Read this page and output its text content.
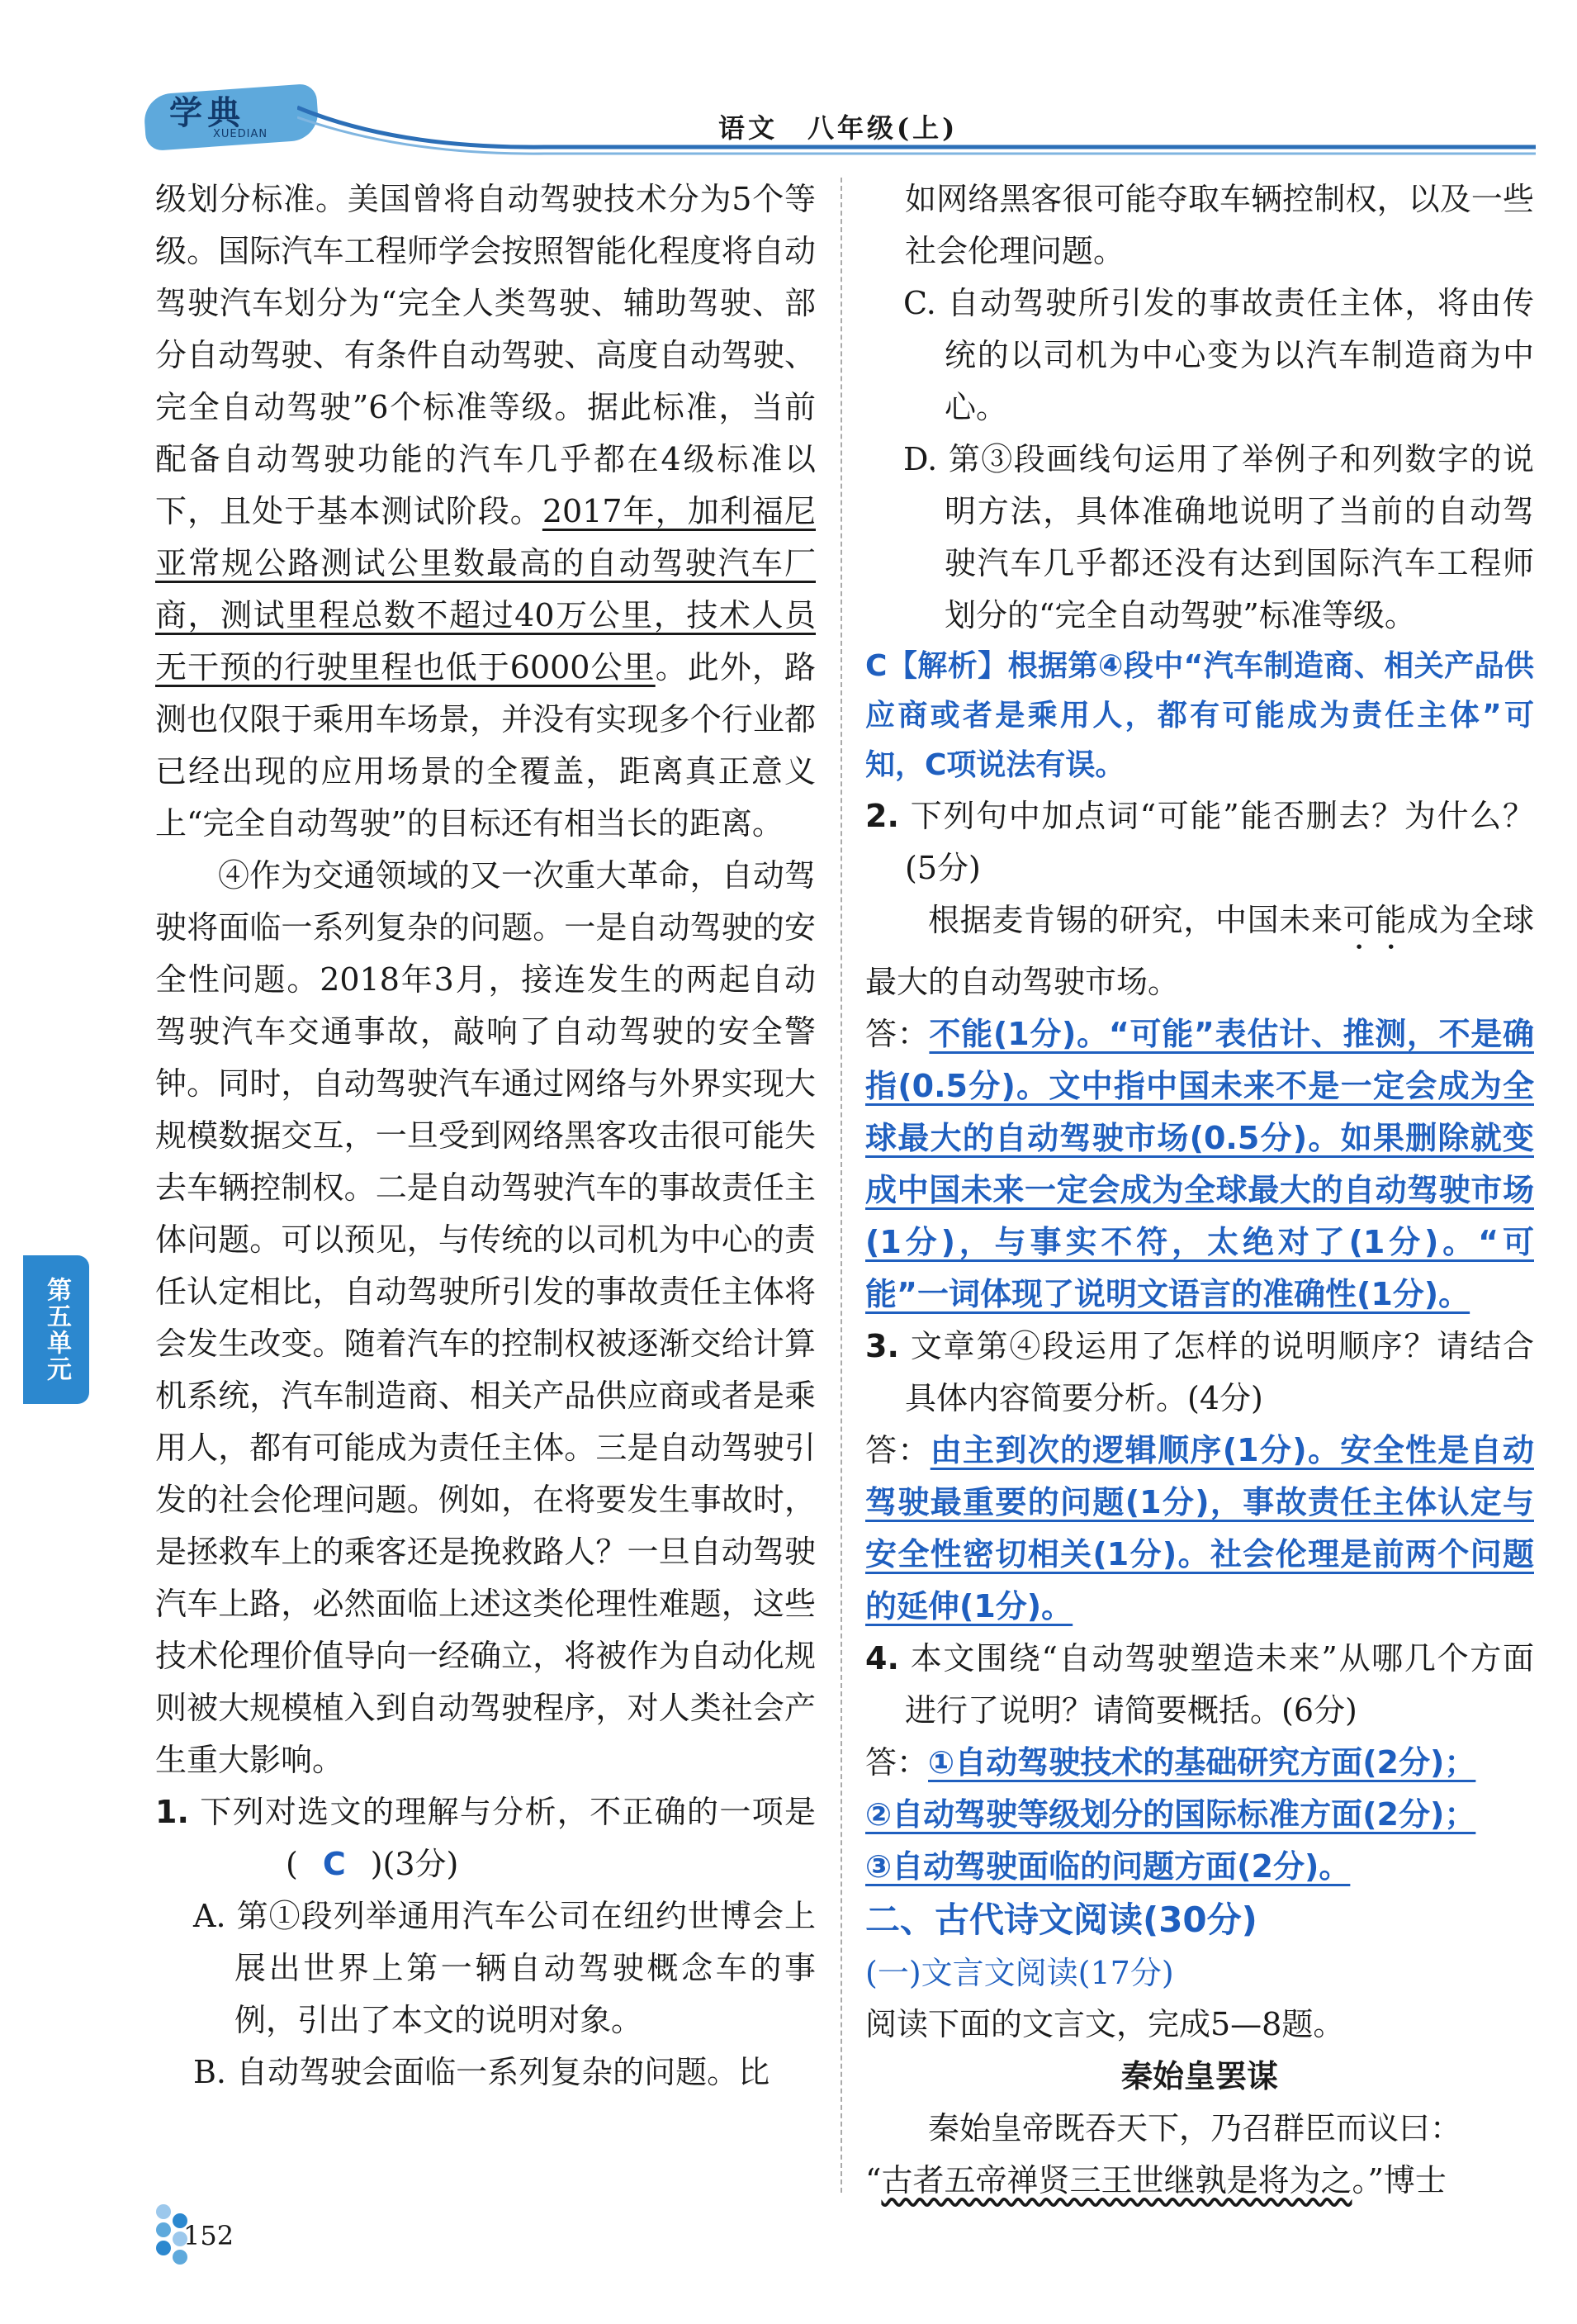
学典
XUEDIAN	语文　八年级(上)

级划分标准。美国曾将自动驾驶技术分为5个等级。国际汽车工程师学会按照智能化程度将自动驾驶汽车划分为“完全人类驾驶、辅助驾驶、部分自动驾驶、有条件自动驾驶、高度自动驾驶、完全自动驾驶”6个标准等级。据此标准，当前配备自动驾驶功能的汽车几乎都在4级标准以下，且处于基本测试阶段。2017年，加利福尼亚常规公路测试公里数最高的自动驾驶汽车厂商，测试里程总数不超过40万公里，技术人员无干预的行驶里程也低于6000公里。此外，路测也仅限于乘用车场景，并没有实现多个行业都已经出现的应用场景的全覆盖，距离真正意义上“完全自动驾驶”的目标还有相当长的距离。

④作为交通领域的又一次重大革命，自动驾驶将面临一系列复杂的问题。一是自动驾驶的安全性问题。2018年3月，接连发生的两起自动驾驶汽车交通事故，敲响了自动驾驶的安全警钟。同时，自动驾驶汽车通过网络与外界实现大规模数据交互，一旦受到网络黑客攻击很可能失去车辆控制权。二是自动驾驶汽车的事故责任主体问题。可以预见，与传统的以司机为中心的责任认定相比，自动驾驶所引发的事故责任主体将会发生改变。随着汽车的控制权被逐渐交给计算机系统，汽车制造商、相关产品供应商或者是乘用人，都有可能成为责任主体。三是自动驾驶引发的社会伦理问题。例如，在将要发生事故时，是拯救车上的乘客还是挽救路人？一旦自动驾驶汽车上路，必然面临上述这类伦理性难题，这些技术伦理价值导向一经确立，将被作为自动化规则被大规模植入到自动驾驶程序，对人类社会产生重大影响。

1. 下列对选文的理解与分析，不正确的一项是( C )(3分)

A. 第①段列举通用汽车公司在纽约世博会上展出世界上第一辆自动驾驶概念车的事例，引出了本文的说明对象。

B. 自动驾驶会面临一系列复杂的问题。比

如网络黑客很可能夺取车辆控制权，以及一些社会伦理问题。

C. 自动驾驶所引发的事故责任主体，将由传统的以司机为中心变为以汽车制造商为中心。

D. 第③段画线句运用了举例子和列数字的说明方法，具体准确地说明了当前的自动驾驶汽车几乎都还没有达到国际汽车工程师划分的“完全自动驾驶”标准等级。

C【解析】根据第④段中“汽车制造商、相关产品供应商或者是乘用人，都有可能成为责任主体”可知，C项说法有误。

2. 下列句中加点词“可能”能否删去？为什么？(5分)

根据麦肯锡的研究，中国未来可能成为全球最大的自动驾驶市场。

答：不能(1分)。“可能”表估计、推测，不是确指(0.5分)。文中指中国未来不是一定会成为全球最大的自动驾驶市场(0.5分)。如果删除就变成中国未来一定会成为全球最大的自动驾驶市场(1分)，与事实不符，太绝对了(1分)。“可能”一词体现了说明文语言的准确性(1分)。

3. 文章第④段运用了怎样的说明顺序？请结合具体内容简要分析。(4分)

答：由主到次的逻辑顺序(1分)。安全性是自动驾驶最重要的问题(1分)，事故责任主体认定与安全性密切相关(1分)。社会伦理是前两个问题的延伸(1分)。

4. 本文围绕“自动驾驶塑造未来”从哪几个方面进行了说明？请简要概括。(6分)

答：①自动驾驶技术的基础研究方面(2分)；
②自动驾驶等级划分的国际标准方面(2分)；
③自动驾驶面临的问题方面(2分)。

二、古代诗文阅读(30分)

(一)文言文阅读(17分)

阅读下面的文言文，完成5—8题。

秦始皇罢谋

秦始皇帝既吞天下，乃召群臣而议曰：

“古者五帝禅贤三王世继孰是将为之。”博士

第五单元
152
